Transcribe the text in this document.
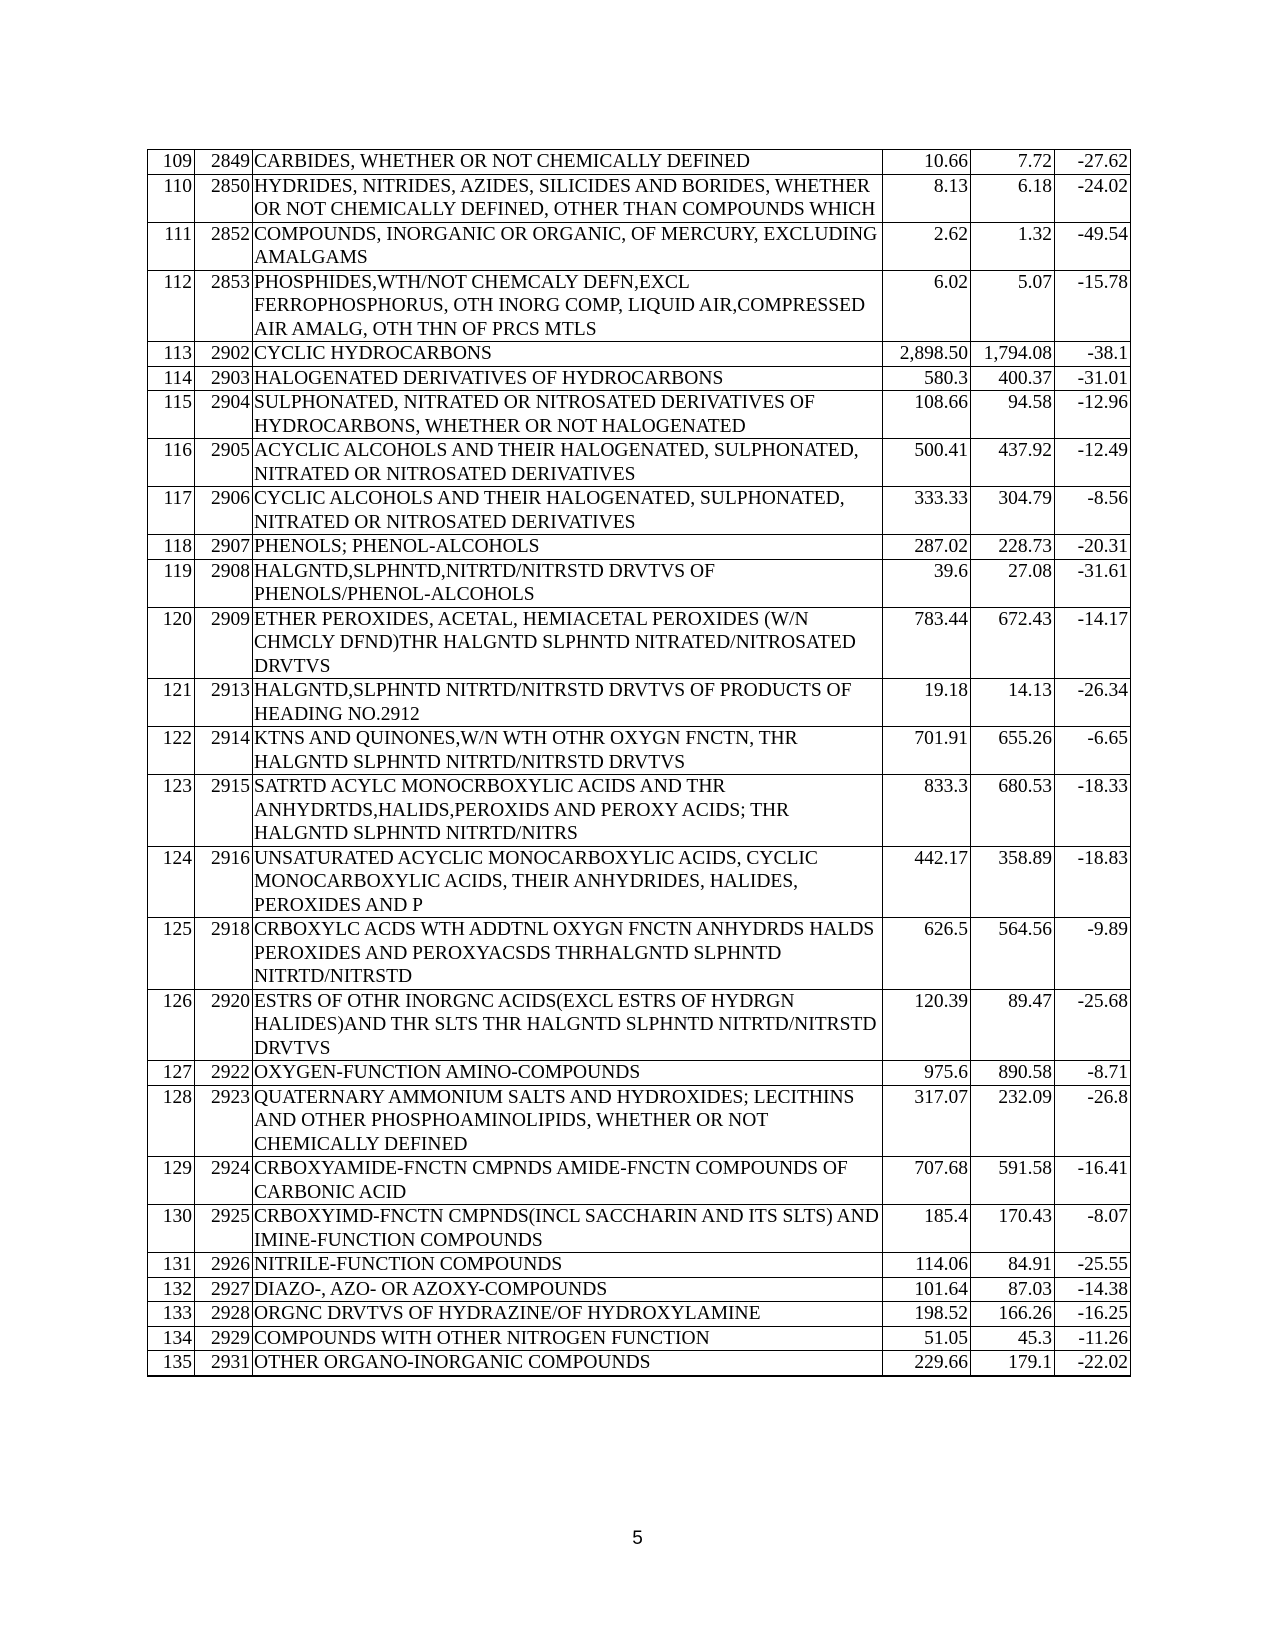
109	2849	CARBIDES, WHETHER OR NOT CHEMICALLY DEFINED	10.66	7.72	-27.62
110	2850	HYDRIDES, NITRIDES, AZIDES, SILICIDES AND BORIDES, WHETHER OR NOT CHEMICALLY DEFINED, OTHER THAN COMPOUNDS WHICH	8.13	6.18	-24.02
111	2852	COMPOUNDS, INORGANIC OR ORGANIC, OF MERCURY, EXCLUDING AMALGAMS	2.62	1.32	-49.54
112	2853	PHOSPHIDES,WTH/NOT CHEMCALY DEFN,EXCL FERROPHOSPHORUS, OTH INORG COMP, LIQUID AIR,COMPRESSED AIR AMALG, OTH THN OF PRCS MTLS	6.02	5.07	-15.78
113	2902	CYCLIC HYDROCARBONS	2,898.50	1,794.08	-38.1
114	2903	HALOGENATED DERIVATIVES OF HYDROCARBONS	580.3	400.37	-31.01
115	2904	SULPHONATED, NITRATED OR NITROSATED DERIVATIVES OF HYDROCARBONS, WHETHER OR NOT HALOGENATED	108.66	94.58	-12.96
116	2905	ACYCLIC ALCOHOLS AND THEIR HALOGENATED, SULPHONATED, NITRATED OR NITROSATED DERIVATIVES	500.41	437.92	-12.49
117	2906	CYCLIC ALCOHOLS AND THEIR HALOGENATED, SULPHONATED, NITRATED OR NITROSATED DERIVATIVES	333.33	304.79	-8.56
118	2907	PHENOLS; PHENOL-ALCOHOLS	287.02	228.73	-20.31
119	2908	HALGNTD,SLPHNTD,NITRTD/NITRSTD DRVTVS OF PHENOLS/PHENOL-ALCOHOLS	39.6	27.08	-31.61
120	2909	ETHER PEROXIDES, ACETAL, HEMIACETAL PEROXIDES (W/N CHMCLY DFND)THR HALGNTD SLPHNTD NITRATED/NITROSATED DRVTVS	783.44	672.43	-14.17
121	2913	HALGNTD,SLPHNTD NITRTD/NITRSTD DRVTVS OF PRODUCTS OF HEADING NO.2912	19.18	14.13	-26.34
122	2914	KTNS AND QUINONES,W/N WTH OTHR OXYGN FNCTN, THR HALGNTD SLPHNTD NITRTD/NITRSTD DRVTVS	701.91	655.26	-6.65
123	2915	SATRTD ACYLC MONOCRBOXYLIC ACIDS AND THR ANHYDRTDS,HALIDS,PEROXIDS AND PEROXY ACIDS; THR HALGNTD SLPHNTD NITRTD/NITRS	833.3	680.53	-18.33
124	2916	UNSATURATED ACYCLIC MONOCARBOXYLIC ACIDS, CYCLIC MONOCARBOXYLIC ACIDS, THEIR ANHYDRIDES, HALIDES, PEROXIDES AND P	442.17	358.89	-18.83
125	2918	CRBOXYLC ACDS WTH ADDTNL OXYGN FNCTN ANHYDRDS HALDS PEROXIDES AND PEROXYACSDS THRHALGNTD SLPHNTD NITRTD/NITRSTD	626.5	564.56	-9.89
126	2920	ESTRS OF OTHR INORGNC ACIDS(EXCL ESTRS OF HYDRGN HALIDES)AND THR SLTS THR HALGNTD SLPHNTD NITRTD/NITRSTD DRVTVS	120.39	89.47	-25.68
127	2922	OXYGEN-FUNCTION AMINO-COMPOUNDS	975.6	890.58	-8.71
128	2923	QUATERNARY AMMONIUM SALTS AND HYDROXIDES; LECITHINS AND OTHER PHOSPHOAMINOLIPIDS, WHETHER OR NOT CHEMICALLY DEFINED	317.07	232.09	-26.8
129	2924	CRBOXYAMIDE-FNCTN CMPNDS AMIDE-FNCTN COMPOUNDS OF CARBONIC ACID	707.68	591.58	-16.41
130	2925	CRBOXYIMD-FNCTN CMPNDS(INCL SACCHARIN AND ITS SLTS) AND IMINE-FUNCTION COMPOUNDS	185.4	170.43	-8.07
131	2926	NITRILE-FUNCTION COMPOUNDS	114.06	84.91	-25.55
132	2927	DIAZO-, AZO- OR AZOXY-COMPOUNDS	101.64	87.03	-14.38
133	2928	ORGNC DRVTVS OF HYDRAZINE/OF HYDROXYLAMINE	198.52	166.26	-16.25
134	2929	COMPOUNDS WITH OTHER NITROGEN FUNCTION	51.05	45.3	-11.26
135	2931	OTHER ORGANO-INORGANIC COMPOUNDS	229.66	179.1	-22.02
5
